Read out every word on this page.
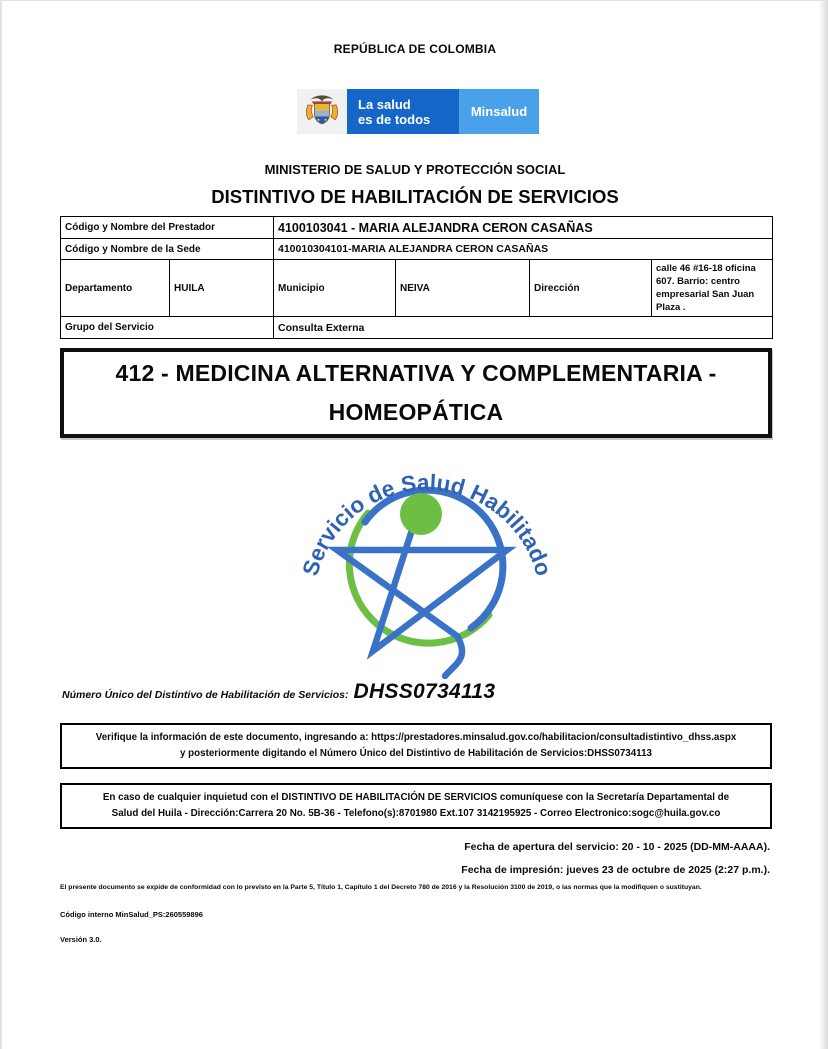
REPÚBLICA DE COLOMBIA
La salud
es de todos	Minsalud
MINISTERIO DE SALUD Y PROTECCIÓN SOCIAL
DISTINTIVO DE HABILITACIÓN DE SERVICIOS
Código y Nombre del Prestador		4100103041 - MARIA ALEJANDRA CERON CASAÑAS			
Código y Nombre de la Sede		410010304101-MARIA ALEJANDRA CERON CASAÑAS			
Departamento	HUILA	Municipio	NEIVA	Dirección	calle 46 #16-18 oficina 607. Barrio: centro empresarial San Juan Plaza .
Grupo del Servicio		Consulta Externa			
412 - MEDICINA ALTERNATIVA Y COMPLEMENTARIA -
HOMEOPÁTICA
Servicio de Salud Habilitado
Número Único del Distintivo de Habilitación de Servicios: DHSS0734113
Verifique la información de este documento, ingresando a: https://prestadores.minsalud.gov.co/habilitacion/consultadistintivo_dhss.aspx
y posteriormente digitando el Número Único del Distintivo de Habilitación de Servicios:DHSS0734113
En caso de cualquier inquietud con el DISTINTIVO DE HABILITACIÓN DE SERVICIOS comuníquese con la Secretaría Departamental de
Salud del Huila - Dirección:Carrera 20 No. 5B-36 - Telefono(s):8701980 Ext.107 3142195925 - Correo Electronico:sogc@huila.gov.co
Fecha de apertura del servicio: 20 - 10 - 2025 (DD-MM-AAAA).
Fecha de impresión: jueves 23 de octubre de 2025 (2:27 p.m.).
El presente documento se expide de conformidad con lo previsto en la Parte 5, Título 1, Capítulo 1 del Decreto 780 de 2016 y la Resolución 3100 de 2019, o las normas que la modifiquen o sustituyan.
Código interno MinSalud_PS:260559896
Versión 3.0.
